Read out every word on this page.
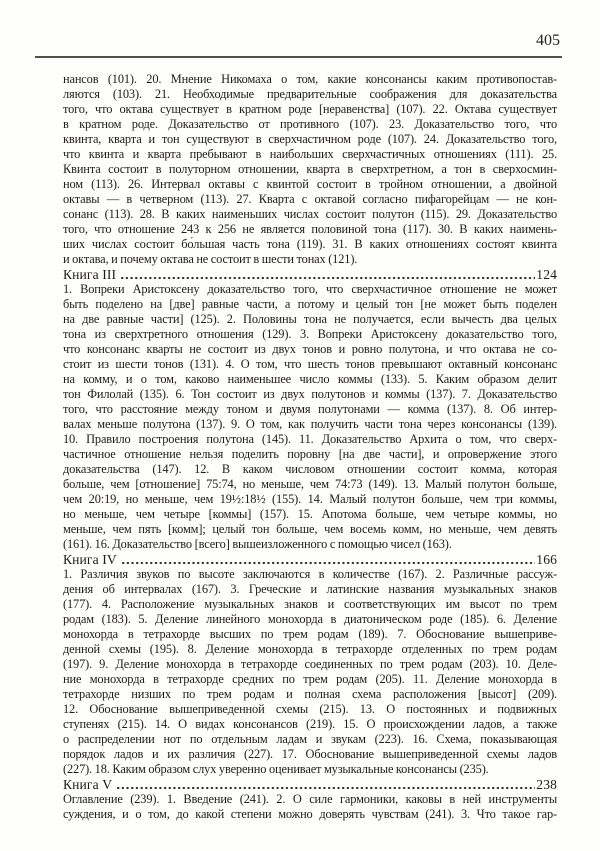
405
нансов (101). 20. Мнение Никомаха о том, какие консонансы каким противопостав-
ляются (103). 21. Необходимые предварительные соображения для доказательства
того, что октава существует в кратном роде [неравенства] (107). 22. Октава существует
в кратном роде. Доказательство от противного (107). 23. Доказательство того, что
квинта, кварта и тон существуют в сверхчастичном роде (107). 24. Доказательство того,
что квинта и кварта пребывают в наибольших сверхчастичных отношениях (111). 25.
Квинта состоит в полуторном отношении, кварта в сверхтретном, а тон в сверхосмин-
ном (113). 26. Интервал октавы с квинтой состоит в тройном отношении, а двойной
октавы — в четверном (113). 27. Кварта с октавой согласно пифагорейцам — не кон-
сонанс (113). 28. В каких наименьших числах состоит полутон (115). 29. Доказательство
того, что отношение 243 к 256 не является половиной тона (117). 30. В каких наимень-
ших числах состоит бо́льшая часть тона (119). 31. В каких отношениях состоят квинта
и октава, и почему октава не состоит в шести тонах (121).
Книга III	124
1. Вопреки Аристоксену доказательство того, что сверхчастичное отношение не может
быть поделено на [две] равные части, а потому и целый тон [не может быть поделен
на две равные части] (125). 2. Половины тона не получается, если вычесть два целых
тона из сверхтретного отношения (129). 3. Вопреки Аристоксену доказательство того,
что консонанс кварты не состоит из двух тонов и ровно полутона, и что октава не со-
стоит из шести тонов (131). 4. О том, что шесть тонов превышают октавный консонанс
на комму, и о том, каково наименьшее число коммы (133). 5. Каким образом делит
тон Филолай (135). 6. Тон состоит из двух полутонов и коммы (137). 7. Доказательство
того, что расстояние между тоном и двумя полутонами — комма (137). 8. Об интер-
валах меньше полутона (137). 9. О том, как получить части тона через консонансы (139).
10. Правило построения полутона (145). 11. Доказательство Архита о том, что сверх-
частичное отношение нельзя поделить поровну [на две части], и опровержение этого
доказательства (147). 12. В каком числовом отношении состоит комма, которая
больше, чем [отношение] 75:74, но меньше, чем 74:73 (149). 13. Малый полутон больше,
чем 20:19, но меньше, чем 19½:18½ (155). 14. Малый полутон больше, чем три коммы,
но меньше, чем четыре [коммы] (157). 15. Апотома больше, чем четыре коммы, но
меньше, чем пять [комм]; целый тон больше, чем восемь комм, но меньше, чем девять
(161). 16. Доказательство [всего] вышеизложенного с помощью чисел (163).
Книга IV	166
1. Различия звуков по высоте заключаются в количестве (167). 2. Различные рассуж-
дения об интервалах (167). 3. Греческие и латинские названия музыкальных знаков
(177). 4. Расположение музыкальных знаков и соответствующих им высот по трем
родам (183). 5. Деление линейного монохорда в диатоническом роде (185). 6. Деление
монохорда в тетрахорде высших по трем родам (189). 7. Обоснование вышеприве-
денной схемы (195). 8. Деление монохорда в тетрахорде отделенных по трем родам
(197). 9. Деление монохорда в тетрахорде соединенных по трем родам (203). 10. Деле-
ние монохорда в тетрахорде средних по трем родам (205). 11. Деление монохорда в
тетрахорде низших по трем родам и полная схема расположения [высот] (209).
12. Обоснование вышеприведенной схемы (215). 13. О постоянных и подвижных
ступенях (215). 14. О видах консонансов (219). 15. О происхождении ладов, а также
о распределении нот по отдельным ладам и звукам (223). 16. Схема, показывающая
порядок ладов и их различия (227). 17. Обоснование вышеприведенной схемы ладов
(227). 18. Каким образом слух уверенно оценивает музыкальные консонансы (235).
Книга V	238
Оглавление (239). 1. Введение (241). 2. О силе гармоники, каковы в ней инструменты
суждения, и о том, до какой степени можно доверять чувствам (241). 3. Что такое гар-
